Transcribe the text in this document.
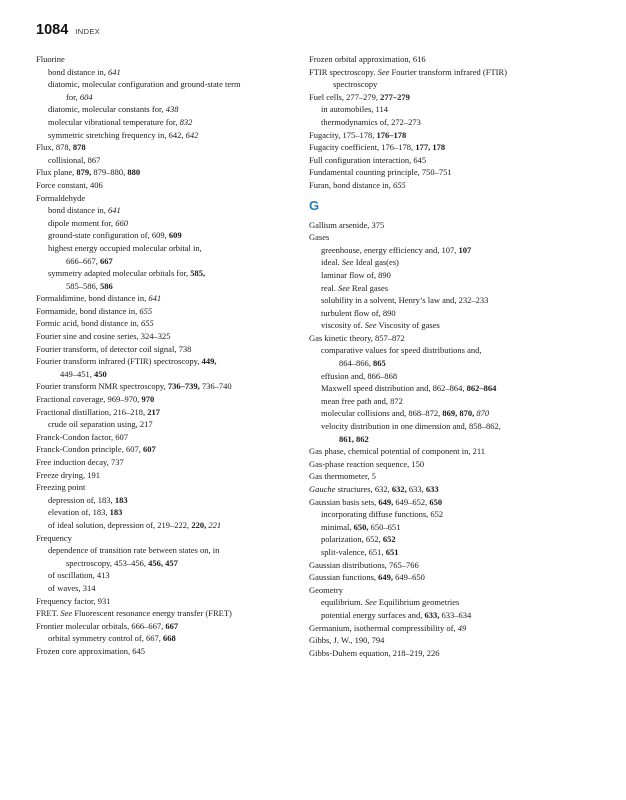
1084 INDEX
Fluorine
bond distance in, 641
diatomic, molecular configuration and ground-state term
for, 604
diatomic, molecular constants for, 438
molecular vibrational temperature for, 832
symmetric stretching frequency in, 642, 642
Flux, 878, 878
collisional, 867
Flux plane, 879, 879–880, 880
Force constant, 406
Formaldehyde
bond distance in, 641
dipole moment for, 660
ground-state configuration of, 609, 609
highest energy occupied molecular orbital in,
666–667, 667
symmetry adapted molecular orbitals for, 585,
585–586, 586
Formaldimine, bond distance in, 641
Formamide, bond distance in, 655
Formic acid, bond distance in, 655
Fourier sine and cosine series, 324–325
Fourier transform, of detector coil signal, 738
Fourier transform infrared (FTIR) spectroscopy, 449,
449–451, 450
Fourier transform NMR spectroscopy, 736–739, 736–740
Fractional coverage, 969–970, 970
Fractional distillation, 216–218, 217
crude oil separation using, 217
Franck-Condon factor, 607
Franck-Condon principle, 607, 607
Free induction decay, 737
Freeze drying, 191
Freezing point
depression of, 183, 183
elevation of, 183, 183
of ideal solution, depression of, 219–222, 220, 221
Frequency
dependence of transition rate between states on, in
spectroscopy, 453–456, 456, 457
of oscillation, 413
of waves, 314
Frequency factor, 931
FRET. See Fluorescent resonance energy transfer (FRET)
Frontier molecular orbitals, 666–667, 667
orbital symmetry control of, 667, 668
Frozen core approximation, 645
Frozen orbital approximation, 616
FTIR spectroscopy. See Fourier transform infrared (FTIR)
spectroscopy
Fuel cells, 277–279, 277–279
in automobiles, 114
thermodynamics of, 272–273
Fugacity, 175–178, 176–178
Fugacity coefficient, 176–178, 177, 178
Full configuration interaction, 645
Fundamental counting principle, 750–751
Furan, bond distance in, 655
G
Gallium arsenide, 375
Gases
greenhouse, energy efficiency and, 107, 107
ideal. See Ideal gas(es)
laminar flow of, 890
real. See Real gases
solubility in a solvent, Henry’s law and, 232–233
turbulent flow of, 890
viscosity of. See Viscosity of gases
Gas kinetic theory, 857–872
comparative values for speed distributions and,
864–866, 865
effusion and, 866–868
Maxwell speed distribution and, 862–864, 862–864
mean free path and, 872
molecular collisions and, 868–872, 869, 870, 870
velocity distribution in one dimension and, 858–862,
861, 862
Gas phase, chemical potential of component in, 211
Gas-phase reaction sequence, 150
Gas thermometer, 5
Gauche structures, 632, 632, 633, 633
Gaussian basis sets, 649, 649–652, 650
incorporating diffuse functions, 652
minimal, 650, 650–651
polarization, 652, 652
split-valence, 651, 651
Gaussian distributions, 765–766
Gaussian functions, 649, 649–650
Geometry
equilibrium. See Equilibrium geometries
potential energy surfaces and, 633, 633–634
Germanium, isothermal compressibility of, 49
Gibbs, J. W., 190, 794
Gibbs-Duhem equation, 218–219, 226
